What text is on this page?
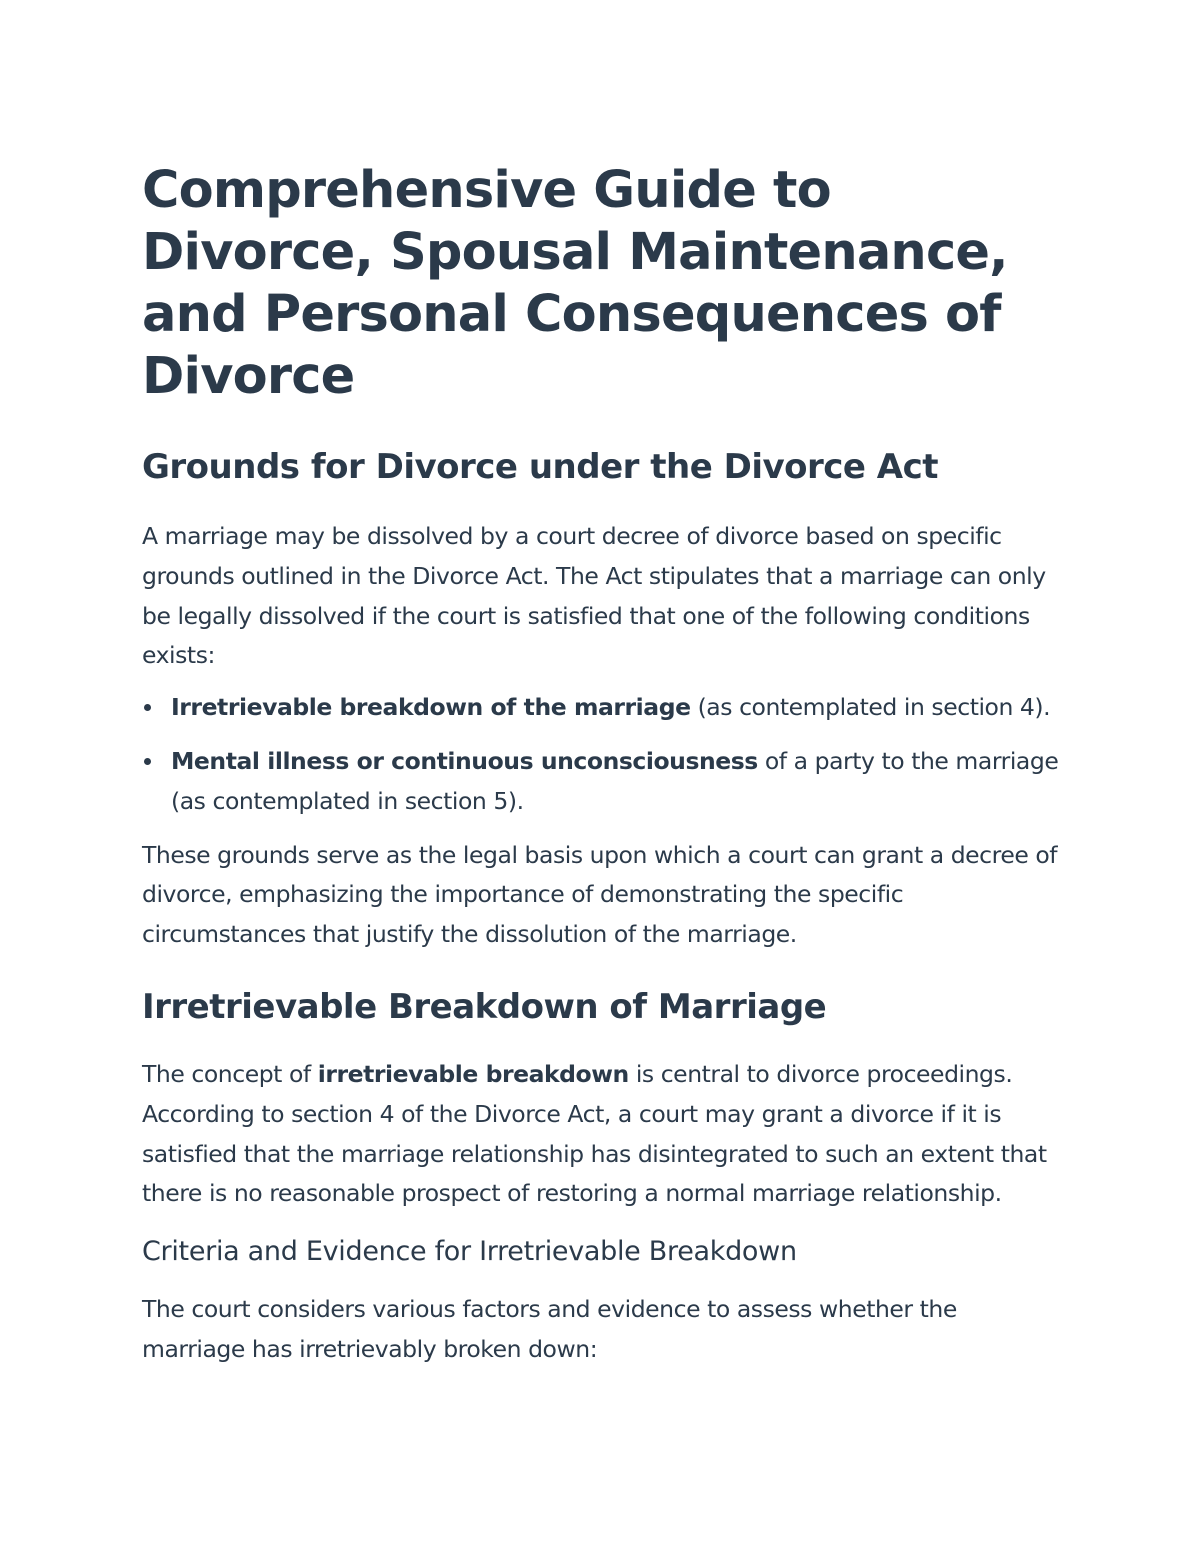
Comprehensive Guide to Divorce, Spousal Maintenance, and Personal Consequences of Divorce
Grounds for Divorce under the Divorce Act

A marriage may be dissolved by a court decree of divorce based on specific grounds outlined in the Divorce Act. The Act stipulates that a marriage can only be legally dissolved if the court is satisfied that one of the following conditions exists:

Irretrievable breakdown of the marriage (as contemplated in section 4).
Mental illness or continuous unconsciousness of a party to the marriage (as contemplated in section 5).

These grounds serve as the legal basis upon which a court can grant a decree of divorce, emphasizing the importance of demonstrating the specific circumstances that justify the dissolution of the marriage.

Irretrievable Breakdown of Marriage

The concept of irretrievable breakdown is central to divorce proceedings. According to section 4 of the Divorce Act, a court may grant a divorce if it is satisfied that the marriage relationship has disintegrated to such an extent that there is no reasonable prospect of restoring a normal marriage relationship.

Criteria and Evidence for Irretrievable Breakdown

The court considers various factors and evidence to assess whether the marriage has irretrievably broken down:
